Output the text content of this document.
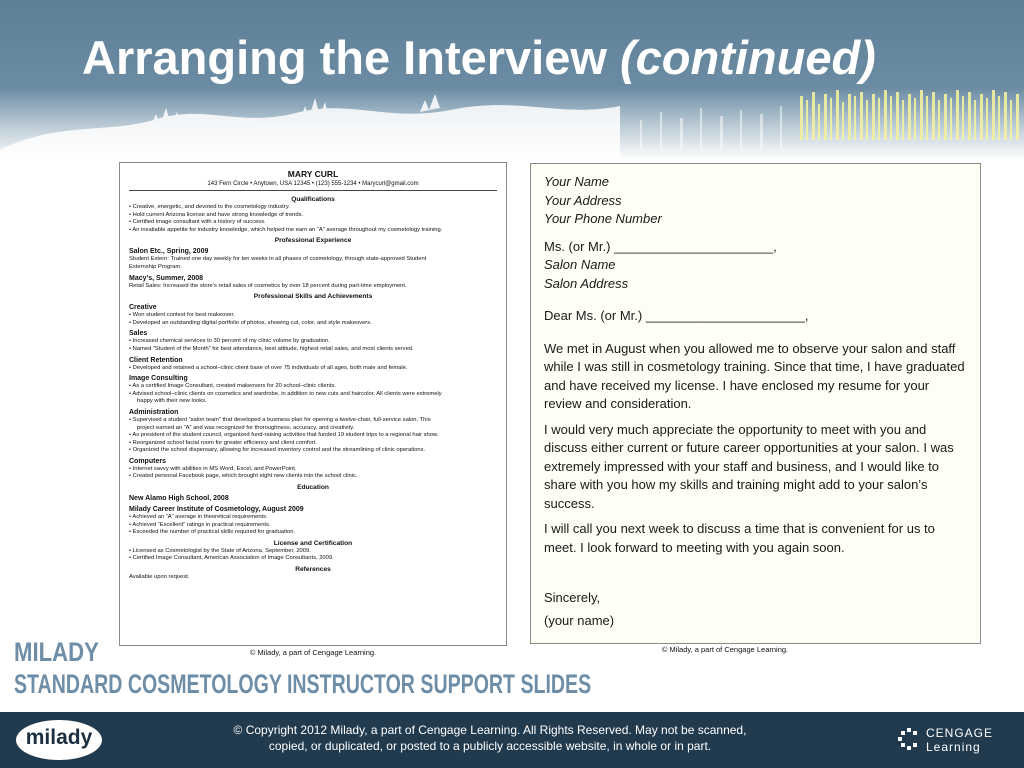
Arranging the Interview (continued)
MARY CURL
143 Fern Circle • Anytown, USA 12345 • (123) 555-1234 • Marycurl@gmail.com
Qualifications
• Creative, energetic, and devoted to the cosmetology industry.
• Hold current Arizona license and have strong knowledge of trends.
• Certified image consultant with a history of success.
• An insatiable appetite for industry knowledge, which helped me earn an “A” average throughout my cosmetology training.
Professional Experience
Salon Etc., Spring, 2009
Student Extern: Trained one day weekly for ten weeks in all phases of cosmetology, through state-approved Student
Externship Program.
Macy’s, Summer, 2008
Retail Sales: Increased the store’s retail sales of cosmetics by over 18 percent during part-time employment.
Professional Skills and Achievements
Creative
• Won student contest for best makeover.
• Developed an outstanding digital portfolio of photos, showing cut, color, and style makeovers.
Sales
• Increased chemical services to 30 percent of my clinic volume by graduation.
• Named “Student of the Month” for best attendance, best attitude, highest retail sales, and most clients served.
Client Retention
• Developed and retained a school–clinic client base of over 75 individuals of all ages, both male and female.
Image Consulting
• As a certified Image Consultant, created makeovers for 20 school–clinic clients.
• Advised school–clinic clients on cosmetics and wardrobe, in addition to new cuts and haircolor. All clients were extremely
happy with their new looks.
Administration
• Supervised a student “salon team” that developed a business plan for opening a twelve-chair, full-service salon. This
project earned an “A” and was recognized for thoroughness, accuracy, and creativity.
• As president of the student council, organized fund-raising activities that funded 19 student trips to a regional hair show.
• Reorganized school facial room for greater efficiency and client comfort.
• Organized the school dispensary, allowing for increased inventory control and the streamlining of clinic operations.
Computers
• Internet savvy with abilities in MS Word, Excel, and PowerPoint.
• Created personal Facebook page, which brought eight new clients into the school clinic.
Education
New Alamo High School, 2008
Milady Career Institute of Cosmetology, August 2009
• Achieved an “A” average in theoretical requirements.
• Achieved “Excellent” ratings in practical requirements.
• Exceeded the number of practical skills required for graduation.
License and Certification
• Licensed as Cosmetologist by the State of Arizona, September, 2009.
• Certified Image Consultant, American Association of Image Consultants, 2009.
References
Available upon request.
© Milady, a part of Cengage Learning.
Your Name
Your Address
Your Phone Number
Ms. (or Mr.) ______________________,
Salon Name
Salon Address
Dear Ms. (or Mr.) ______________________,
We met in August when you allowed me to observe your salon and staff while I was still in cosmetology training. Since that time, I have graduated and have received my license. I have enclosed my resume for your review and consideration.
I would very much appreciate the opportunity to meet with you and discuss either current or future career opportunities at your salon. I was extremely impressed with your staff and business, and I would like to share with you how my skills and training might add to your salon’s success.
I will call you next week to discuss a time that is convenient for us to meet. I look forward to meeting with you again soon.
Sincerely,
(your name)
© Milady, a part of Cengage Learning.
MILADY
STANDARD COSMETOLOGY INSTRUCTOR SUPPORT SLIDES
milady	© Copyright 2012 Milady, a part of Cengage Learning. All Rights Reserved. May not be scanned,
copied, or duplicated, or posted to a publicly accessible website, in whole or in part.
CENGAGE
Learning
